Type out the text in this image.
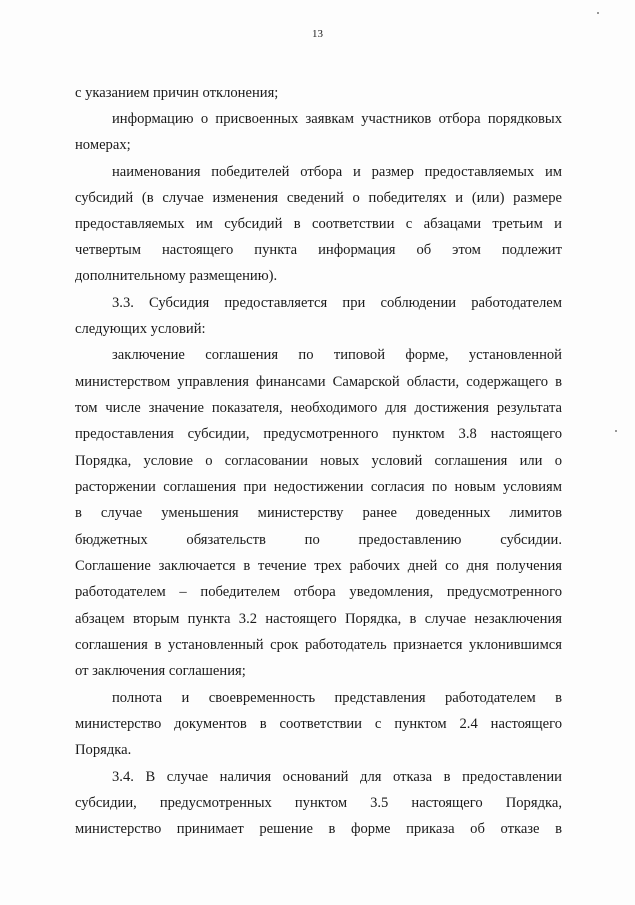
13
с указанием причин отклонения;
информацию о присвоенных заявкам участников отбора порядковых
номерах;
наименования победителей отбора и размер предоставляемых им
субсидий (в случае изменения сведений о победителях и (или) размере
предоставляемых им субсидий в соответствии с абзацами третьим и
четвертым настоящего пункта информация об этом подлежит
дополнительному размещению).
3.3. Субсидия предоставляется при соблюдении работодателем
следующих условий:
заключение соглашения по типовой форме, установленной
министерством управления финансами Самарской области, содержащего в
том числе значение показателя, необходимого для достижения результата
предоставления субсидии, предусмотренного пунктом 3.8 настоящего
Порядка, условие о согласовании новых условий соглашения или о
расторжении соглашения при недостижении согласия по новым условиям
в случае уменьшения министерству ранее доведенных лимитов
бюджетных обязательств по предоставлению субсидии.
Соглашение заключается в течение трех рабочих дней со дня получения
работодателем – победителем отбора уведомления, предусмотренного
абзацем вторым пункта 3.2 настоящего Порядка, в случае незаключения
соглашения в установленный срок работодатель признается уклонившимся
от заключения соглашения;
полнота и своевременность представления работодателем в
министерство документов в соответствии с пунктом 2.4 настоящего
Порядка.
3.4. В случае наличия оснований для отказа в предоставлении
субсидии, предусмотренных пунктом 3.5 настоящего Порядка,
министерство принимает решение в форме приказа об отказе в
